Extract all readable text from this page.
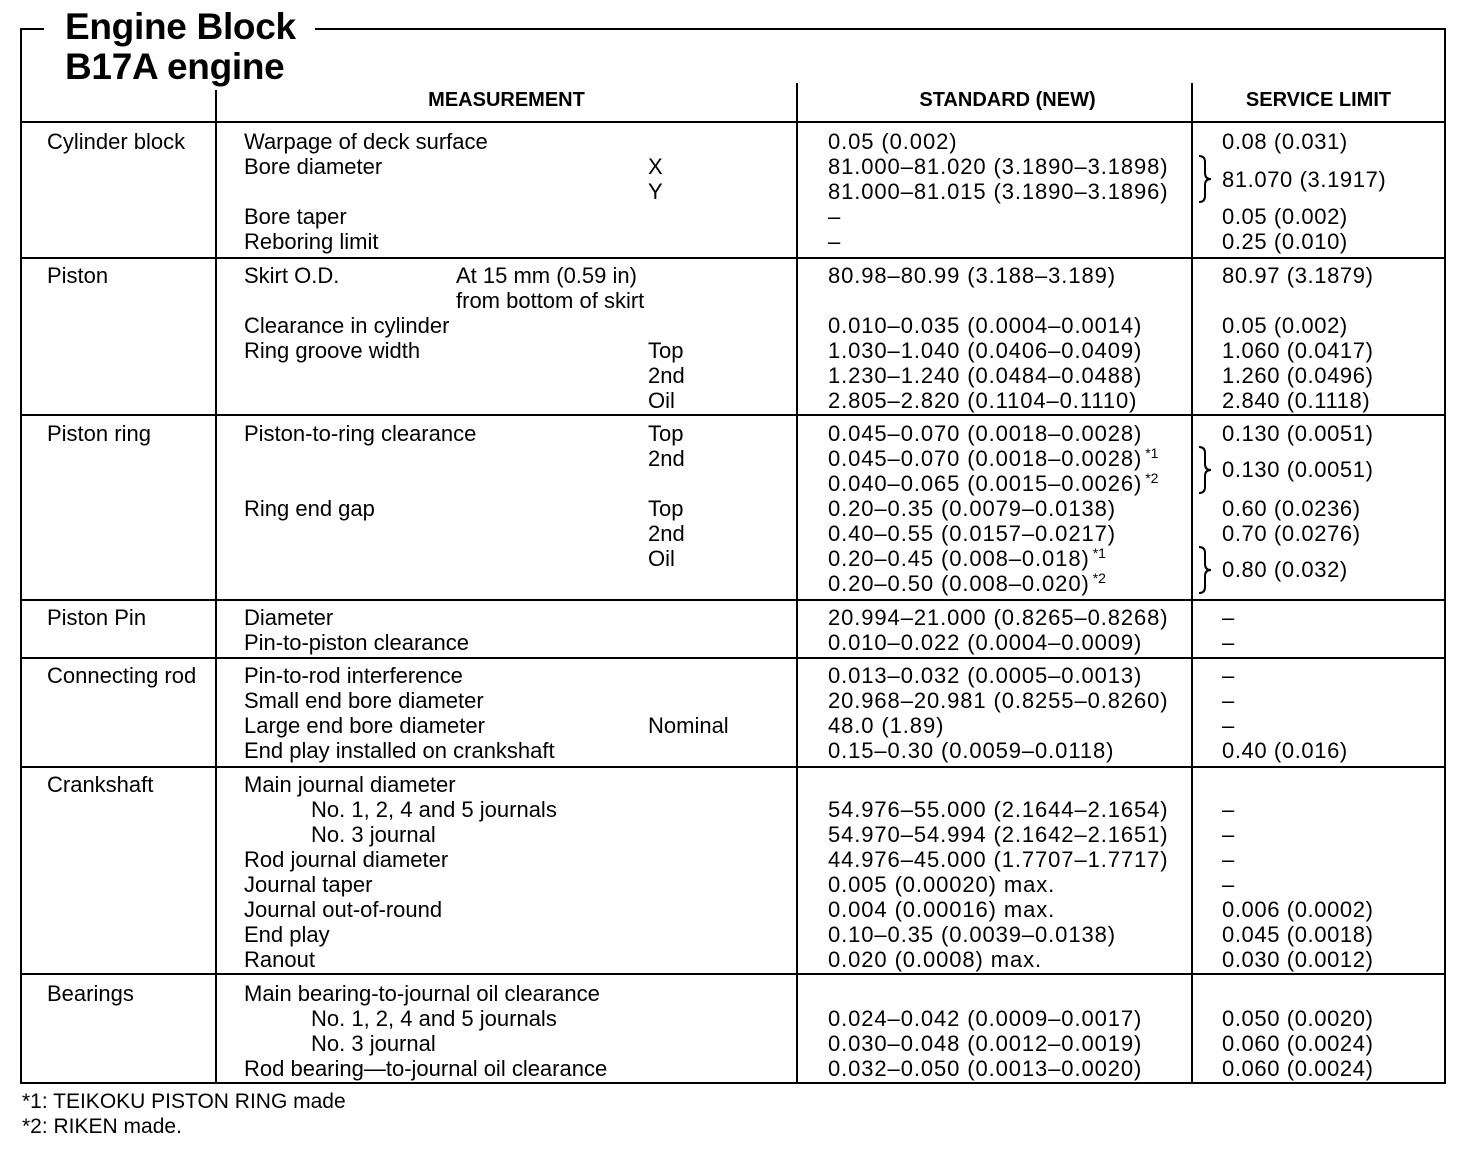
Engine Block
B17A engine
MEASUREMENT	STANDARD (NEW)	SERVICE LIMIT
Cylinder block	Warpage of deck surface	0.05 (0.002)	0.08 (0.031)
Bore diameter	X	81.000–81.020 (3.1890–3.1898)
Y	81.000–81.015 (3.1890–3.1896) 81.070 (3.1917)
Bore taper	–	0.05 (0.002)
Reboring limit	–	0.25 (0.010)
Piston	Skirt O.D.	At 15 mm (0.59 in)	80.98–80.99 (3.188–3.189)	80.97 (3.1879)
from bottom of skirt
Clearance in cylinder	0.010–0.035 (0.0004–0.0014)	0.05 (0.002)
Ring groove width	Top	1.030–1.040 (0.0406–0.0409)	1.060 (0.0417)
2nd	1.230–1.240 (0.0484–0.0488)	1.260 (0.0496)
Oil	2.805–2.820 (0.1104–0.1110)	2.840 (0.1118)
Piston ring	Piston-to-ring clearance	Top	0.045–0.070 (0.0018–0.0028)	0.130 (0.0051)
2nd	0.045–0.070 (0.0018–0.0028) $^{*1}$
0.040–0.065 (0.0015–0.0026) $^{*2}$	0.130 (0.0051)
Ring end gap	Top	0.20–0.35 (0.0079–0.0138)	0.60 (0.0236)
2nd	0.40–0.55 (0.0157–0.0217)	0.70 (0.0276)
Oil	0.20–0.45 (0.008–0.018) $^{*1}$
0.20–0.50 (0.008–0.020) $^{*2}$	0.80 (0.032)
Piston Pin	Diameter	20.994–21.000 (0.8265–0.8268) –
Pin-to-piston clearance	0.010–0.022 (0.0004–0.0009)	–
Connecting rod Pin-to-rod interference	0.013–0.032 (0.0005–0.0013)	–
Small end bore diameter	20.968–20.981 (0.8255–0.8260) –
Large end bore diameter	Nominal	48.0 (1.89)	–
End play installed on crankshaft	0.15–0.30 (0.0059–0.0118)	0.40 (0.016)
Crankshaft	Main journal diameter
No. 1, 2, 4 and 5 journals	54.976–55.000 (2.1644–2.1654) –
No. 3 journal	54.970–54.994 (2.1642–2.1651) –
Rod journal diameter	44.976–45.000 (1.7707–1.7717) –
Journal taper	0.005 (0.00020) max.	–
Journal out-of-round	0.004 (0.00016) max.	0.006 (0.0002)
End play	0.10–0.35 (0.0039–0.0138)	0.045 (0.0018)
Ranout	0.020 (0.0008) max.	0.030 (0.0012)
Bearings	Main bearing-to-journal oil clearance
No. 1, 2, 4 and 5 journals	0.024–0.042 (0.0009–0.0017)	0.050 (0.0020)
No. 3 journal	0.030–0.048 (0.0012–0.0019)	0.060 (0.0024)
Rod bearing—to-journal oil clearance	0.032–0.050 (0.0013–0.0020)	0.060 (0.0024)
*1: TEIKOKU PISTON RING made
*2: RIKEN made.
